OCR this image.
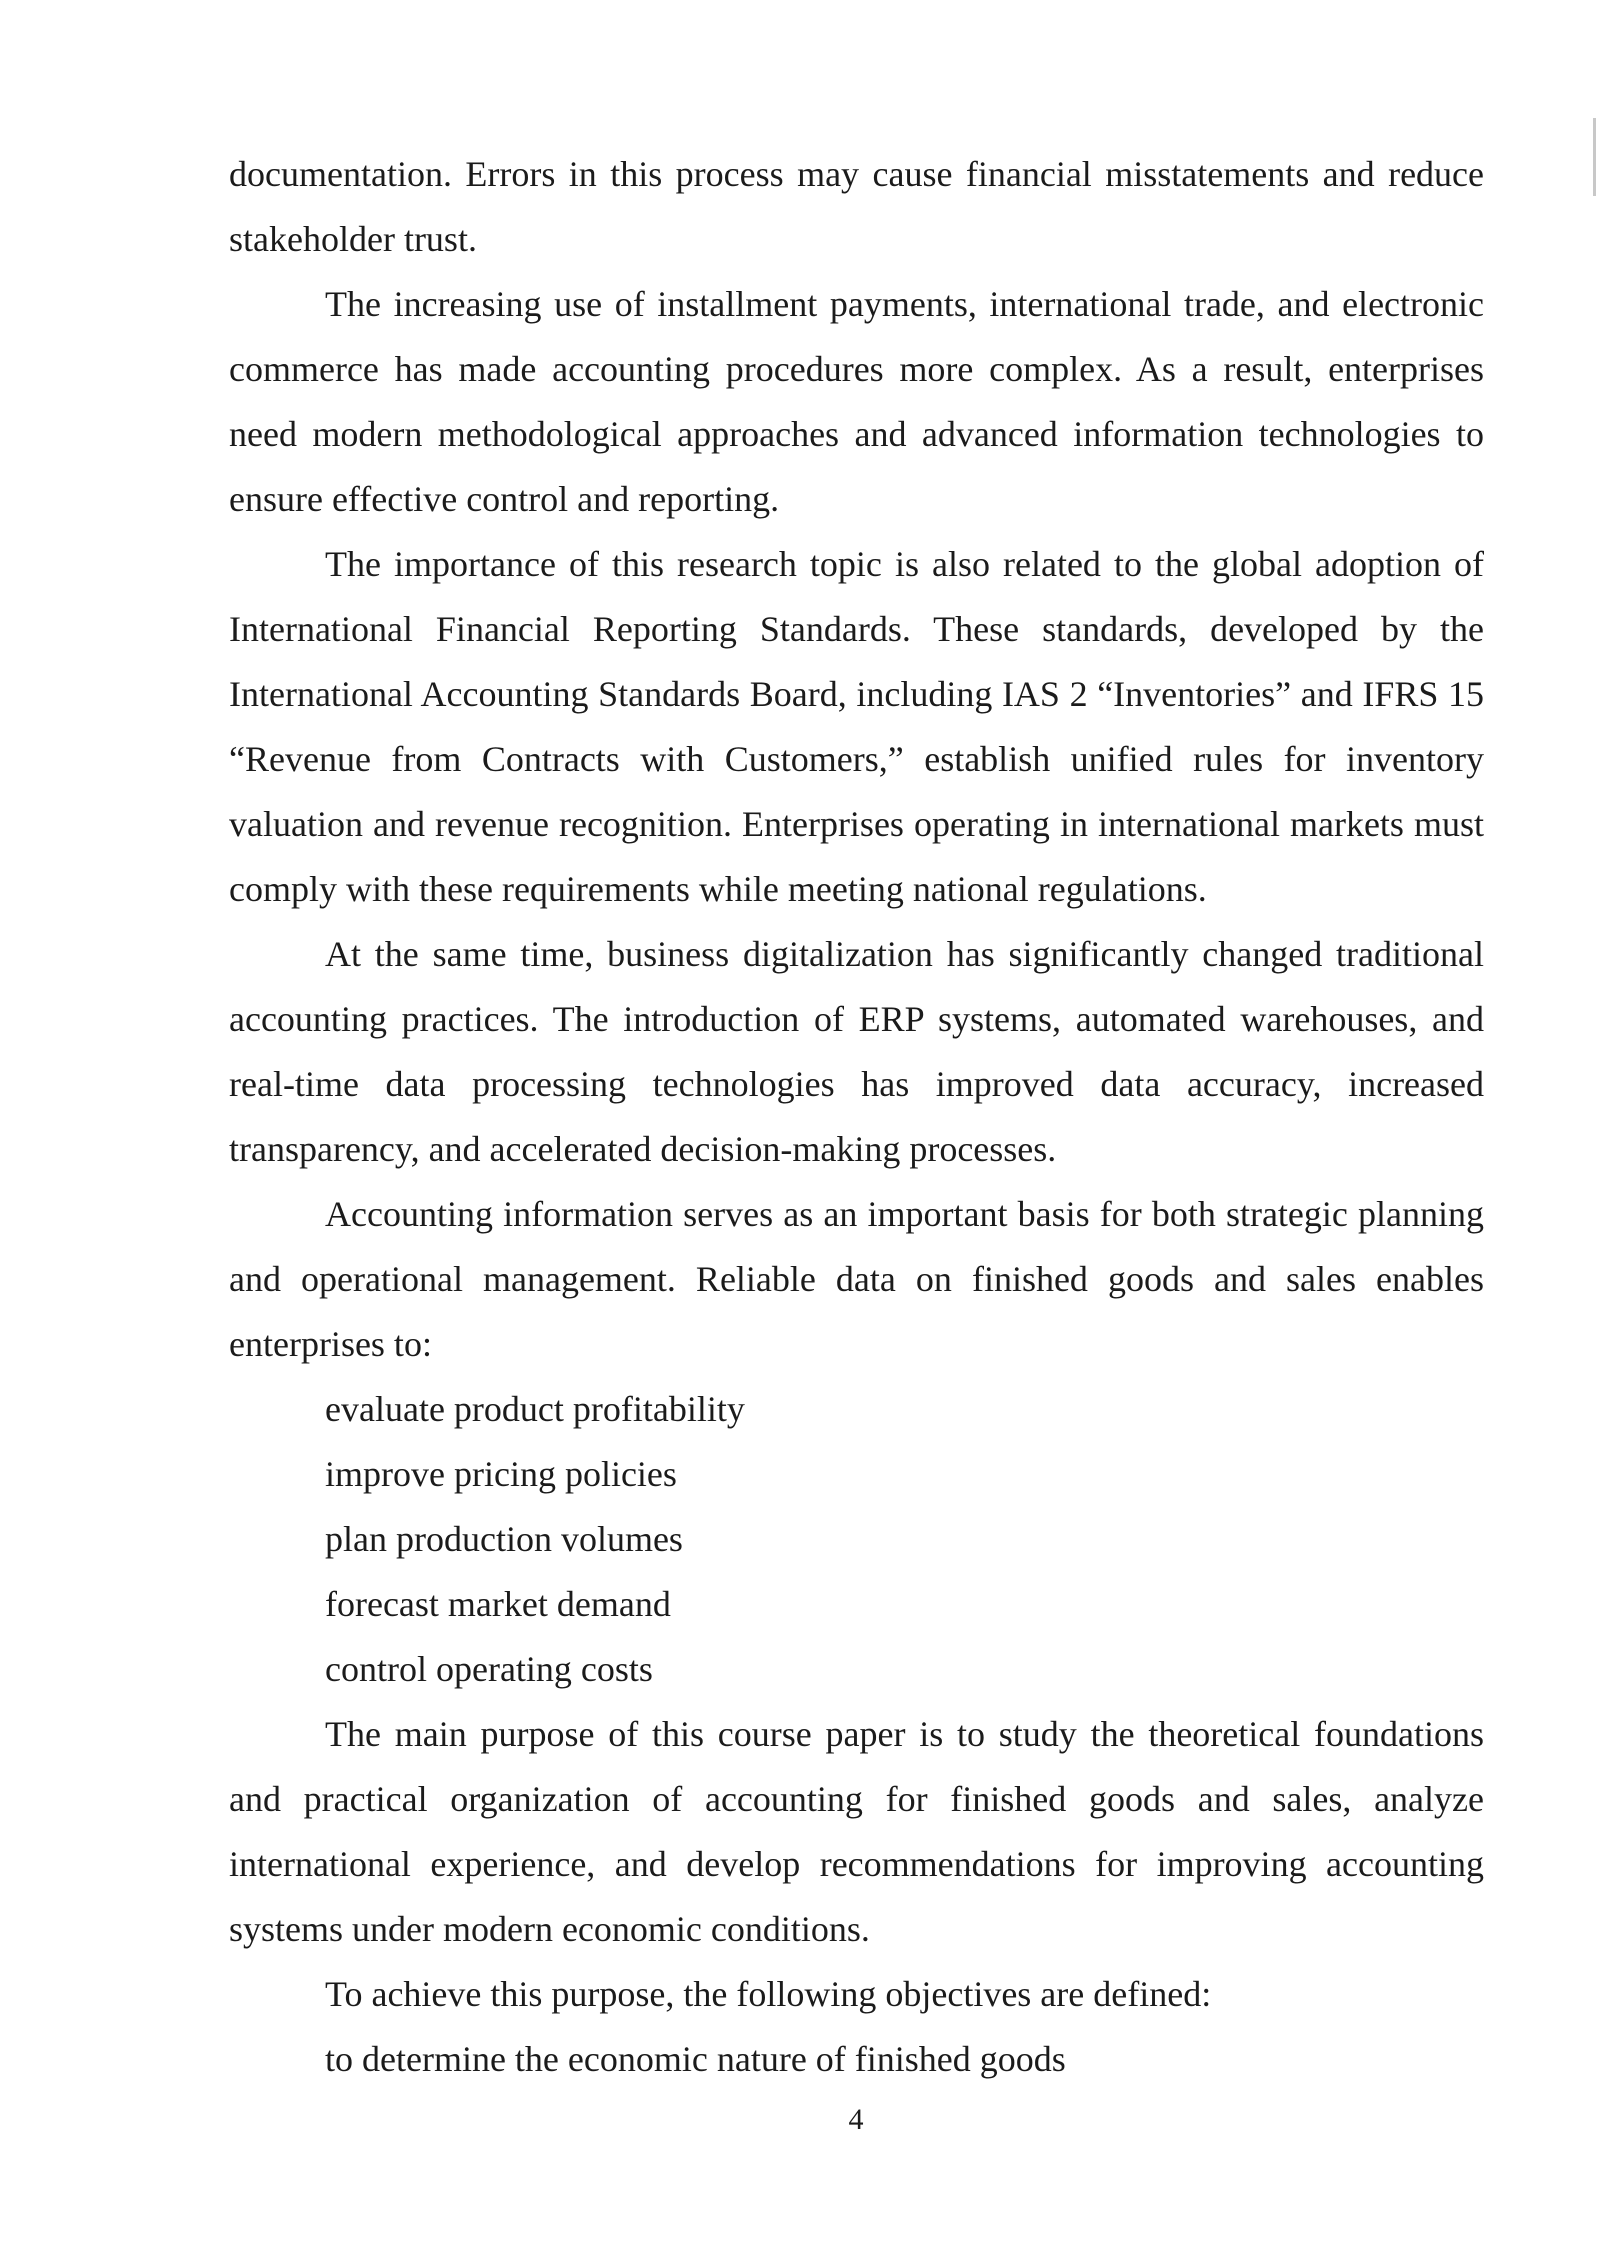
documentation. Errors in this process may cause financial misstatements and reduce stakeholder trust.

The increasing use of installment payments, international trade, and electronic commerce has made accounting procedures more complex. As a result, enterprises need modern methodological approaches and advanced information technologies to ensure effective control and reporting.

The importance of this research topic is also related to the global adoption of International Financial Reporting Standards. These standards, developed by the International Accounting Standards Board, including IAS 2 “Inventories” and IFRS 15 “Revenue from Contracts with Customers,” establish unified rules for inventory valuation and revenue recognition. Enterprises operating in international markets must comply with these requirements while meeting national regulations.

At the same time, business digitalization has significantly changed traditional accounting practices. The introduction of ERP systems, automated warehouses, and real-time data processing technologies has improved data accuracy, increased transparency, and accelerated decision-making processes.

Accounting information serves as an important basis for both strategic planning and operational management. Reliable data on finished goods and sales enables enterprises to:

evaluate product profitability

improve pricing policies

plan production volumes

forecast market demand

control operating costs

The main purpose of this course paper is to study the theoretical foundations and practical organization of accounting for finished goods and sales, analyze international experience, and develop recommendations for improving accounting systems under modern economic conditions.

To achieve this purpose, the following objectives are defined:

to determine the economic nature of finished goods

4
